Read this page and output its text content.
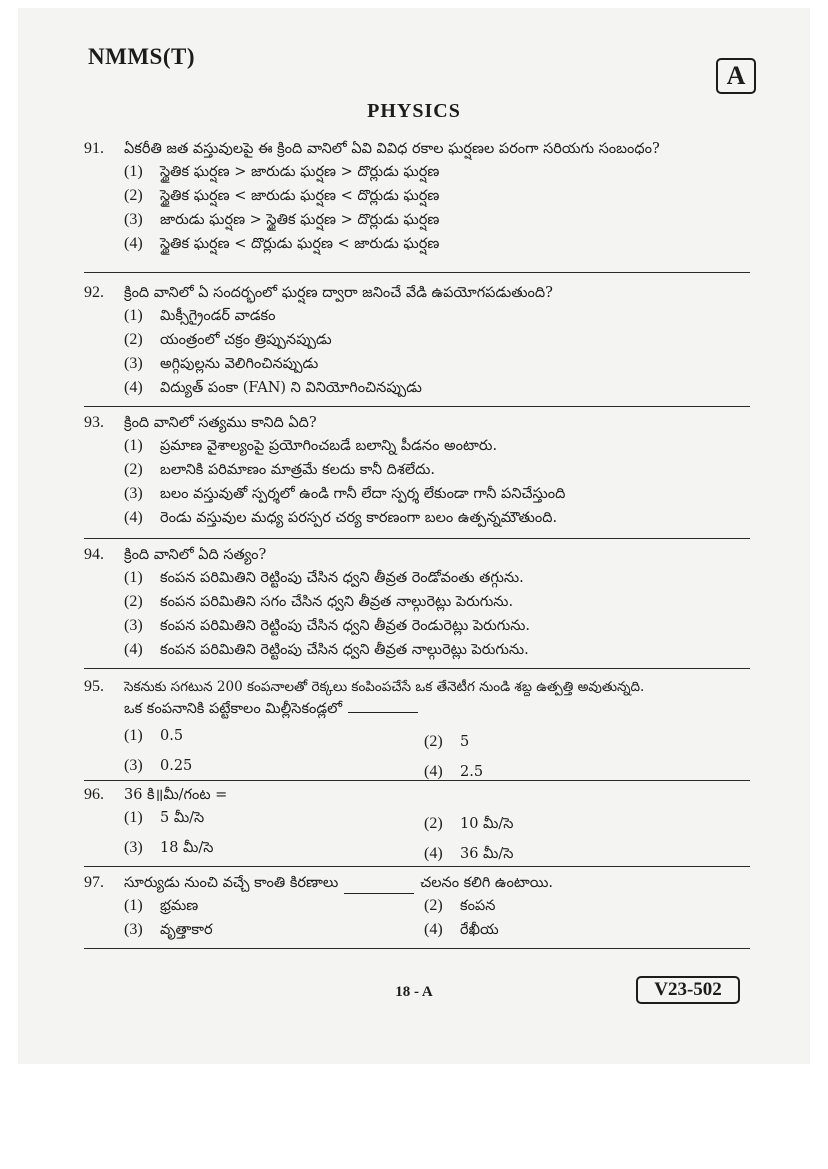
NMMS(T)
A
PHYSICS
91.	ఏకరీతి జత వస్తువులపై ఈ క్రింది వానిలో ఏవి వివిధ రకాల ఘర్షణల పరంగా సరియగు సంబంధం?
(1)	స్థైతిక ఘర్షణ > జారుడు ఘర్షణ > దొర్లుడు ఘర్షణ
(2)	స్థైతిక ఘర్షణ < జారుడు ఘర్షణ < దొర్లుడు ఘర్షణ
(3)	జారుడు ఘర్షణ > స్థైతిక ఘర్షణ > దొర్లుడు ఘర్షణ
(4)	స్థైతిక ఘర్షణ < దొర్లుడు ఘర్షణ < జారుడు ఘర్షణ
92.	క్రింది వానిలో ఏ సందర్భంలో ఘర్షణ ద్వారా జనించే వేడి ఉపయోగపడుతుంది?
(1)	మిక్సీగ్రైండర్ వాడకం
(2)	యంత్రంలో చక్రం త్రిప్పునప్పుడు
(3)	అగ్గిపుల్లను వెలిగించినప్పుడు
(4)	విద్యుత్ పంకా (FAN) ని వినియోగించినప్పుడు
93.	క్రింది వానిలో సత్యము కానిది ఏది?
(1)	ప్రమాణ వైశాల్యంపై ప్రయోగించబడే బలాన్ని పీడనం అంటారు.
(2)	బలానికి పరిమాణం మాత్రమే కలదు కానీ దిశలేదు.
(3)	బలం వస్తువుతో స్పర్శలో ఉండి గానీ లేదా స్పర్శ లేకుండా గానీ పనిచేస్తుంది
(4)	రెండు వస్తువుల మధ్య పరస్పర చర్య కారణంగా బలం ఉత్పన్నమౌతుంది.
94.	క్రింది వానిలో ఏది సత్యం?
(1)	కంపన పరిమితిని రెట్టింపు చేసిన ధ్వని తీవ్రత రెండోవంతు తగ్గును.
(2)	కంపన పరిమితిని సగం చేసిన ధ్వని తీవ్రత నాల్గురెట్లు పెరుగును.
(3)	కంపన పరిమితిని రెట్టింపు చేసిన ధ్వని తీవ్రత రెండురెట్లు పెరుగును.
(4)	కంపన పరిమితిని రెట్టింపు చేసిన ధ్వని తీవ్రత నాల్గురెట్లు పెరుగును.
95.	సెకనుకు సగటున 200 కంపనాలతో రెక్కలు కంపింపచేసే ఒక తేనెటీగ నుండి శబ్ద ఉత్పత్తి అవుతున్నది.
ఒక కంపనానికి పట్టేకాలం మిల్లీసెకండ్లలో
(1)	0.5	(2)	5
(3)	0.25	(4)	2.5
96.	36 కి॥మీ/గంట =
(1)	5 మీ/సె	(2)	10 మీ/సె
(3)	18 మీ/సె	(4)	36 మీ/సె
97.	సూర్యుడు నుంచి వచ్చే కాంతి కిరణాలు	చలనం కలిగి ఉంటాయి.
(1)	భ్రమణ	(2)	కంపన
(3)	వృత్తాకార	(4)	రేఖీయ
18 - A	V23-502
